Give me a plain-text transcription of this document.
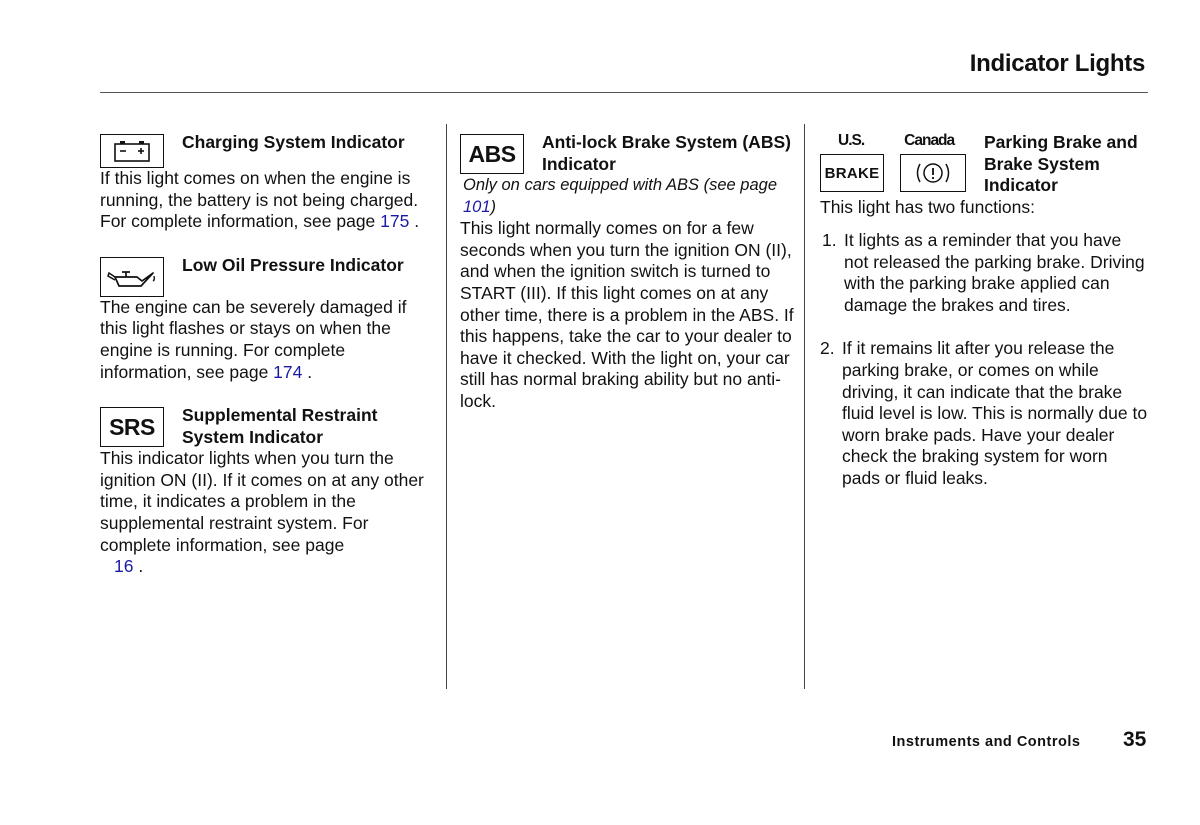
Indicator Lights
Charging System Indicator

If this light comes on when the engine is running, the battery is not being charged. For complete information, see page 175 .

Low Oil Pressure Indicator

The engine can be severely damaged if this light flashes or stays on when the engine is running. For complete information, see page 174 .

SRS Supplemental Restraint System Indicator

This indicator lights when you turn the ignition ON (II). If it comes on at any other time, it indicates a problem in the supplemental restraint system. For complete information, see page
16 .

ABS Anti-lock Brake System (ABS) Indicator

Only on cars equipped with ABS (see page 101)

This light normally comes on for a few seconds when you turn the ignition ON (II), and when the ignition switch is turned to START (III). If this light comes on at any other time, there is a problem in the ABS. If this happens, take the car to your dealer to have it checked. With the light on, your car still has normal braking ability but no anti-lock.

U.S.	Canada
BRAKE
Parking Brake and Brake System Indicator

This light has two functions:

1. It lights as a reminder that you have not released the parking brake. Driving with the parking brake applied can damage the brakes and tires.
2. If it remains lit after you release the parking brake, or comes on while driving, it can indicate that the brake fluid level is low. This is normally due to worn brake pads. Have your dealer check the braking system for worn pads or fluid leaks.
Instruments and Controls 35
